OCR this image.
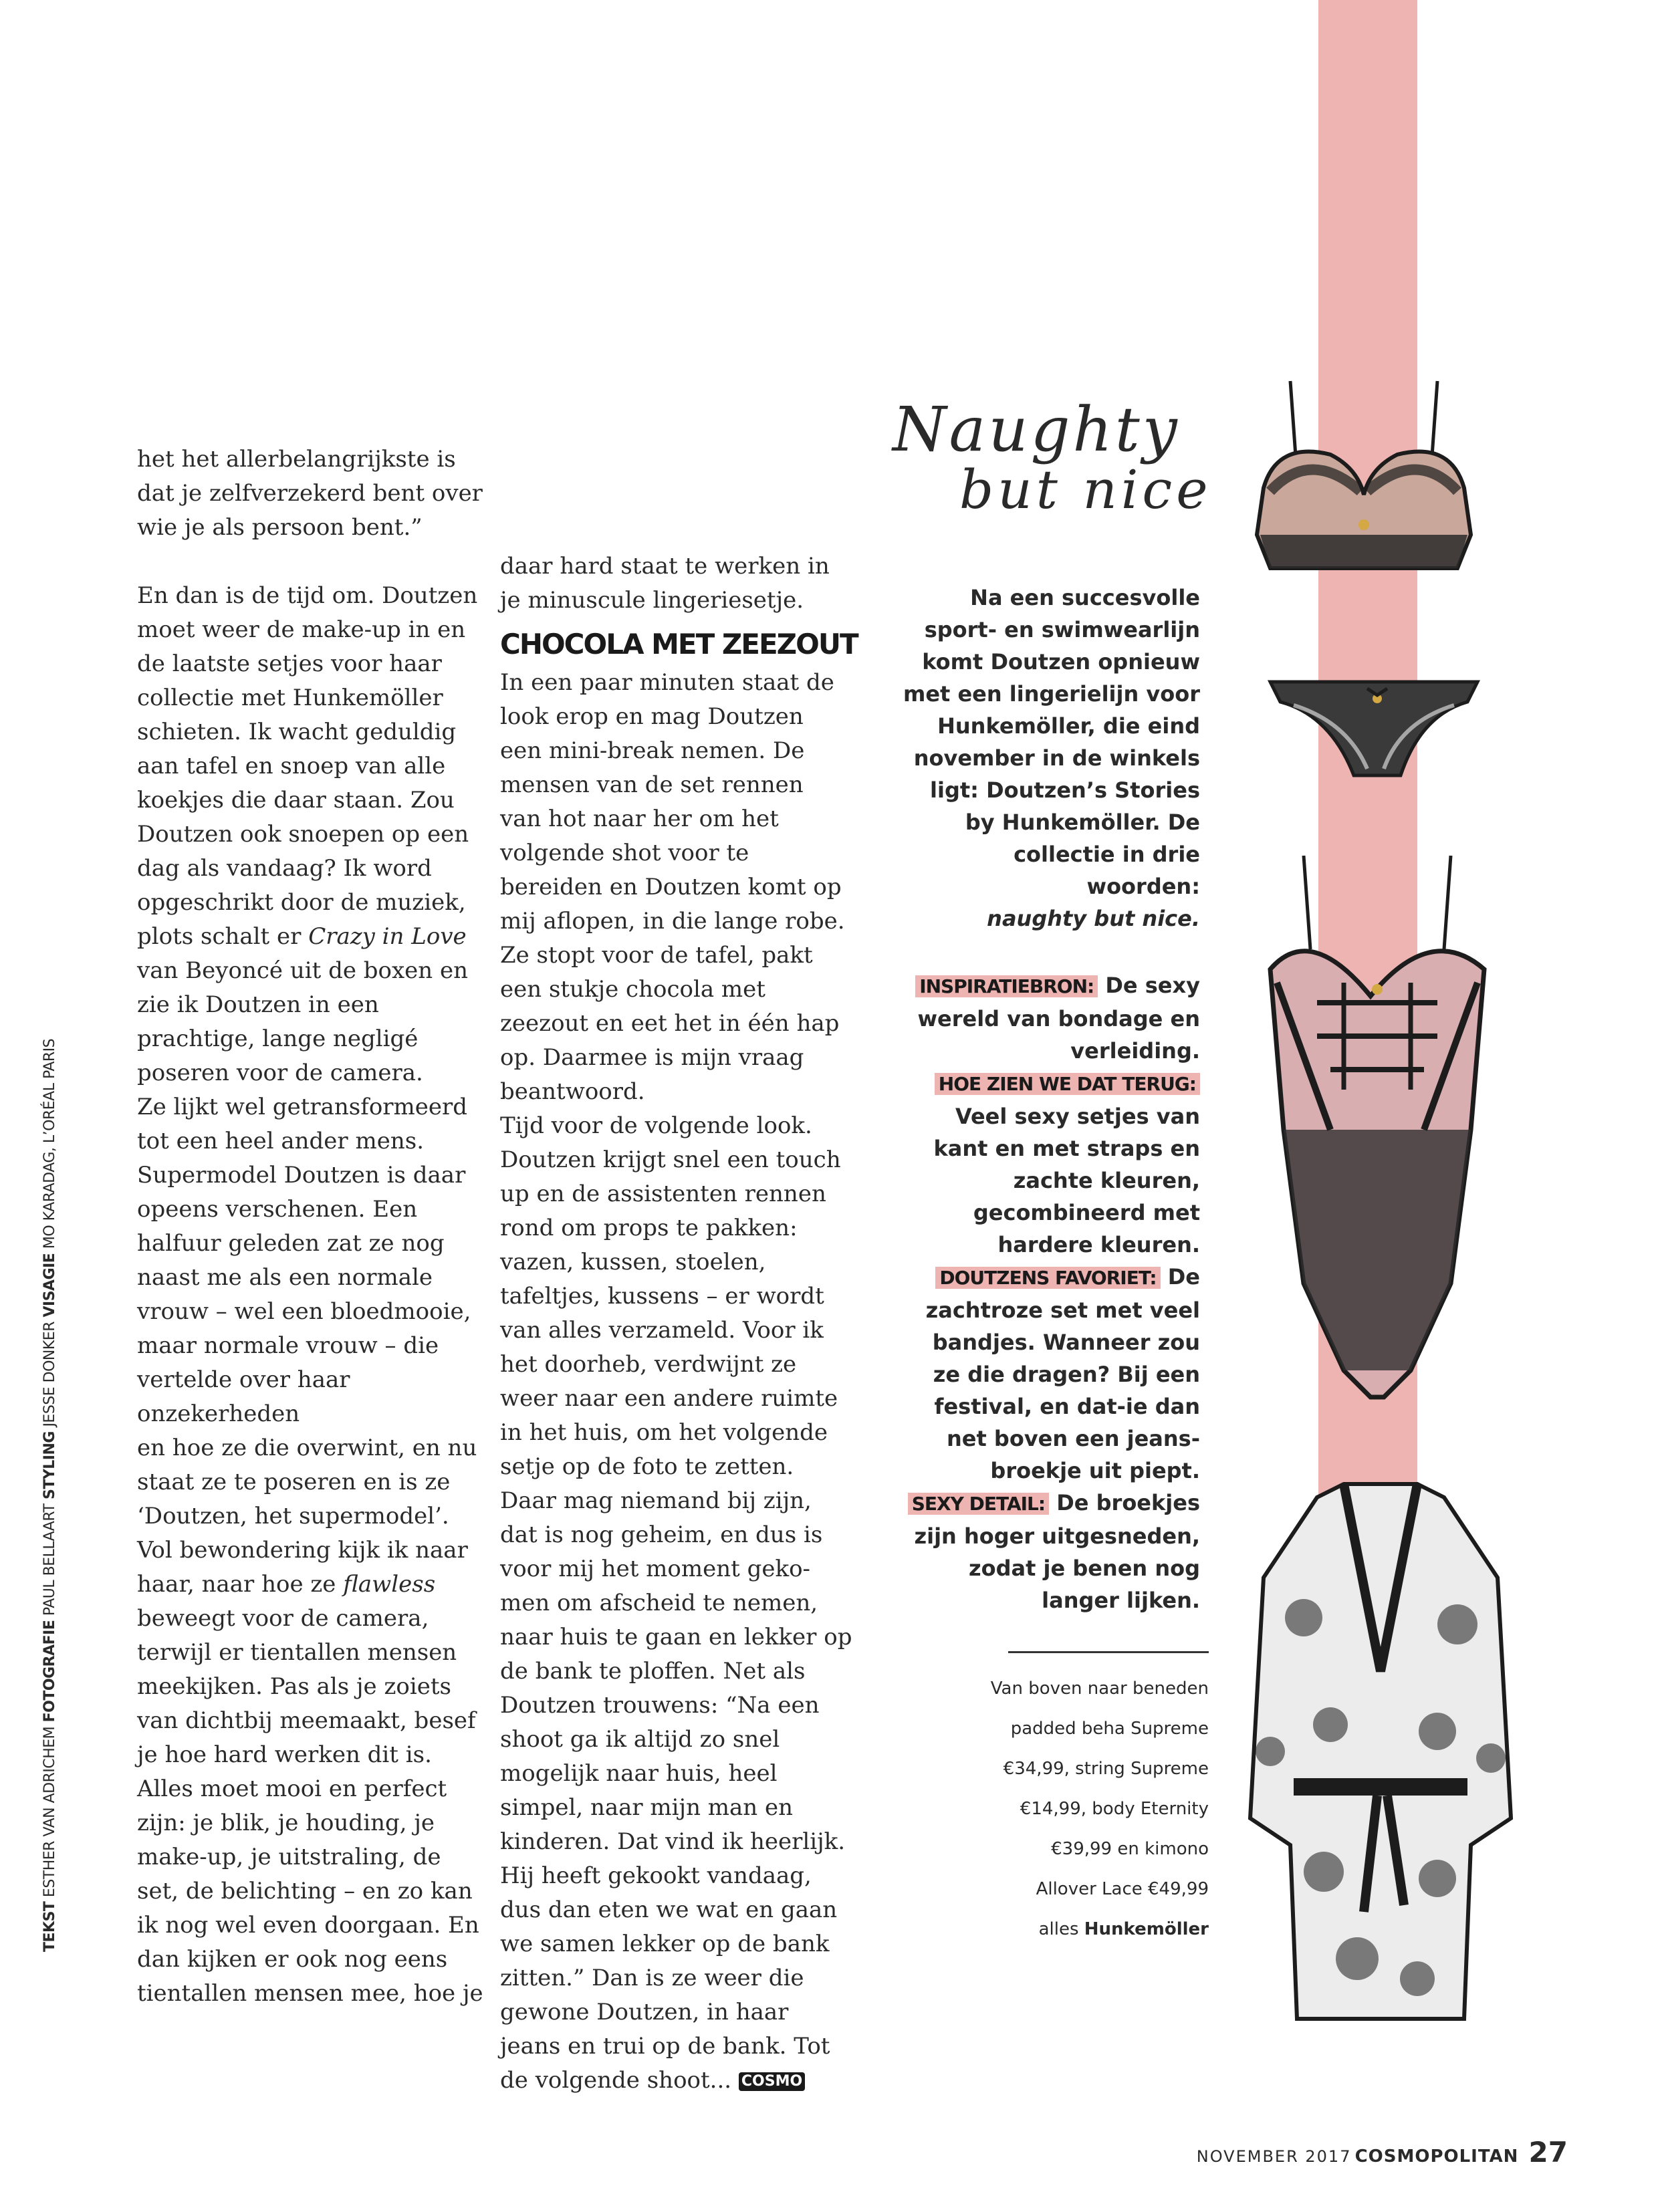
het het allerbelangrijkste is

dat je zelfverzekerd bent over

wie je als persoon bent.”

En dan is de tijd om. Doutzen

moet weer de make-up in en

de laatste setjes voor haar

collectie met Hunkemöller

schieten. Ik wacht geduldig

aan tafel en snoep van alle

koekjes die daar staan. Zou

Doutzen ook snoepen op een

dag als vandaag? Ik word

opgeschrikt door de muziek,

plots schalt er Crazy in Love

van Beyoncé uit de boxen en

zie ik Doutzen in een

prachtige, lange negligé

poseren voor de camera.

Ze lijkt wel getransformeerd

tot een heel ander mens.

Supermodel Doutzen is daar

opeens verschenen. Een

halfuur geleden zat ze nog

naast me als een normale

vrouw – wel een bloedmooie,

maar normale vrouw – die

vertelde over haar onzekerheden

en hoe ze die overwint, en nu

staat ze te poseren en is ze

‘Doutzen, het supermodel’.

Vol bewondering kijk ik naar

haar, naar hoe ze flawless

beweegt voor de camera,

terwijl er tientallen mensen

meekijken. Pas als je zoiets

van dichtbij meemaakt, besef

je hoe hard werken dit is.

Alles moet mooi en perfect

zijn: je blik, je houding, je

make-up, je uitstraling, de

set, de belichting – en zo kan

ik nog wel even doorgaan. En

dan kijken er ook nog eens

tientallen mensen mee, hoe je

daar hard staat te werken in

je minuscule lingeriesetje.

CHOCOLA MET ZEEZOUT

In een paar minuten staat de

look erop en mag Doutzen

een mini-break nemen. De

mensen van de set rennen

van hot naar her om het

volgende shot voor te

bereiden en Doutzen komt op

mij aflopen, in die lange robe.

Ze stopt voor de tafel, pakt

een stukje chocola met

zeezout en eet het in één hap

op. Daarmee is mijn vraag

beantwoord.

Tijd voor de volgende look.

Doutzen krijgt snel een touch

up en de assistenten rennen

rond om props te pakken:

vazen, kussen, stoelen,

tafeltjes, kussens – er wordt

van alles verzameld. Voor ik

het doorheb, verdwijnt ze

weer naar een andere ruimte

in het huis, om het volgende

setje op de foto te zetten.

Daar mag niemand bij zijn,

dat is nog geheim, en dus is

voor mij het moment geko-

men om afscheid te nemen,

naar huis te gaan en lekker op

de bank te ploffen. Net als

Doutzen trouwens: “Na een

shoot ga ik altijd zo snel

mogelijk naar huis, heel

simpel, naar mijn man en

kinderen. Dat vind ik heerlijk.

Hij heeft gekookt vandaag,

dus dan eten we wat en gaan

we samen lekker op de bank

zitten.” Dan is ze weer die

gewone Doutzen, in haar

jeans en trui op de bank. Tot

de volgende shoot... COSMO

Naughty
but nice

Na een succesvolle

sport- en swimwearlijn

komt Doutzen opnieuw

met een lingerielijn voor

Hunkemöller, die eind

november in de winkels

ligt: Doutzen’s Stories

by Hunkemöller. De

collectie in drie woorden:

naughty but nice.

INSPIRATIEBRON: De sexy

wereld van bondage en

verleiding.

HOE ZIEN WE DAT TERUG:

Veel sexy setjes van

kant en met straps en

zachte kleuren,

gecombineerd met

hardere kleuren.

DOUTZENS FAVORIET: De

zachtroze set met veel

bandjes. Wanneer zou

ze die dragen? Bij een

festival, en dat-ie dan

net boven een jeans-

broekje uit piept.

SEXY DETAIL: De broekjes

zijn hoger uitgesneden,

zodat je benen nog

langer lijken.

Van boven naar beneden

padded beha Supreme

€34,99, string Supreme

€14,99, body Eternity

€39,99 en kimono

Allover Lace €49,99

alles Hunkemöller
TEKST ESTHER VAN ADRICHEM FOTOGRAFIE PAUL BELLAART STYLING JESSE DONKER VISAGIE MO KARADAG, L’ORÉAL PARIS
NOVEMBER 2017 COSMOPOLITAN 27
